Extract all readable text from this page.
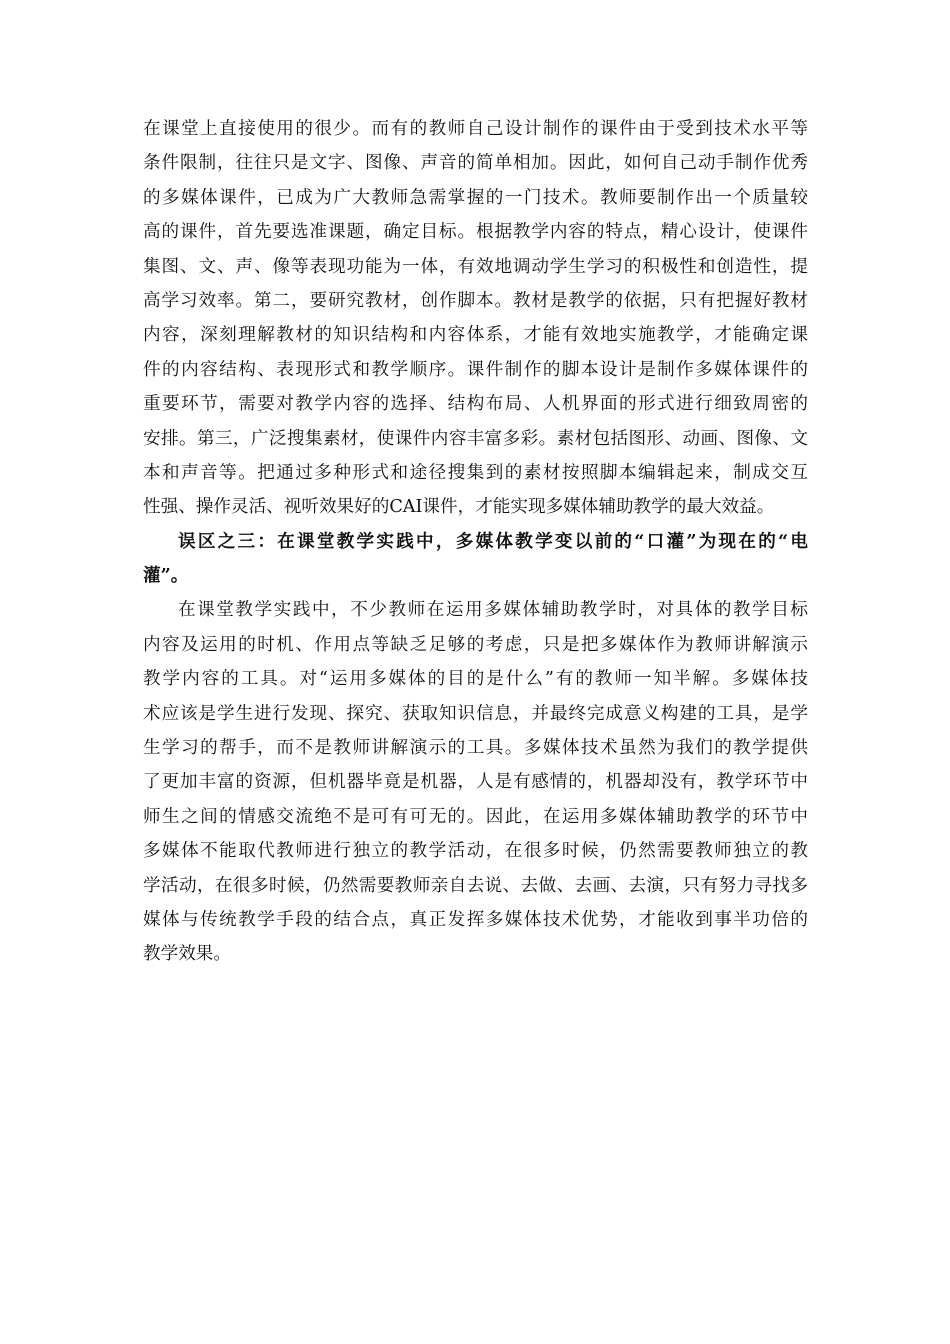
在课堂上直接使用的很少。而有的教师自己设计制作的课件由于受到技术水平等
条件限制，往往只是文字、图像、声音的简单相加。因此，如何自己动手制作优秀
的多媒体课件，已成为广大教师急需掌握的一门技术。教师要制作出一个质量较
高的课件，首先要选准课题，确定目标。根据教学内容的特点，精心设计，使课件
集图、文、声、像等表现功能为一体，有效地调动学生学习的积极性和创造性，提
高学习效率。第二，要研究教材，创作脚本。教材是教学的依据，只有把握好教材
内容，深刻理解教材的知识结构和内容体系，才能有效地实施教学，才能确定课
件的内容结构、表现形式和教学顺序。课件制作的脚本设计是制作多媒体课件的
重要环节，需要对教学内容的选择、结构布局、人机界面的形式进行细致周密的
安排。第三，广泛搜集素材，使课件内容丰富多彩。素材包括图形、动画、图像、文
本和声音等。把通过多种形式和途径搜集到的素材按照脚本编辑起来，制成交互
性强、操作灵活、视听效果好的CAI课件，才能实现多媒体辅助教学的最大效益。
误区之三：在课堂教学实践中，多媒体教学变以前的“口灌”为现在的“电
灌”。
在课堂教学实践中，不少教师在运用多媒体辅助教学时，对具体的教学目标
内容及运用的时机、作用点等缺乏足够的考虑，只是把多媒体作为教师讲解演示
教学内容的工具。对“运用多媒体的目的是什么”有的教师一知半解。多媒体技
术应该是学生进行发现、探究、获取知识信息，并最终完成意义构建的工具，是学
生学习的帮手，而不是教师讲解演示的工具。多媒体技术虽然为我们的教学提供
了更加丰富的资源，但机器毕竟是机器，人是有感情的，机器却没有，教学环节中
师生之间的情感交流绝不是可有可无的。因此，在运用多媒体辅助教学的环节中
多媒体不能取代教师进行独立的教学活动，在很多时候，仍然需要教师独立的教
学活动，在很多时候，仍然需要教师亲自去说、去做、去画、去演，只有努力寻找多
媒体与传统教学手段的结合点，真正发挥多媒体技术优势，才能收到事半功倍的
教学效果。
